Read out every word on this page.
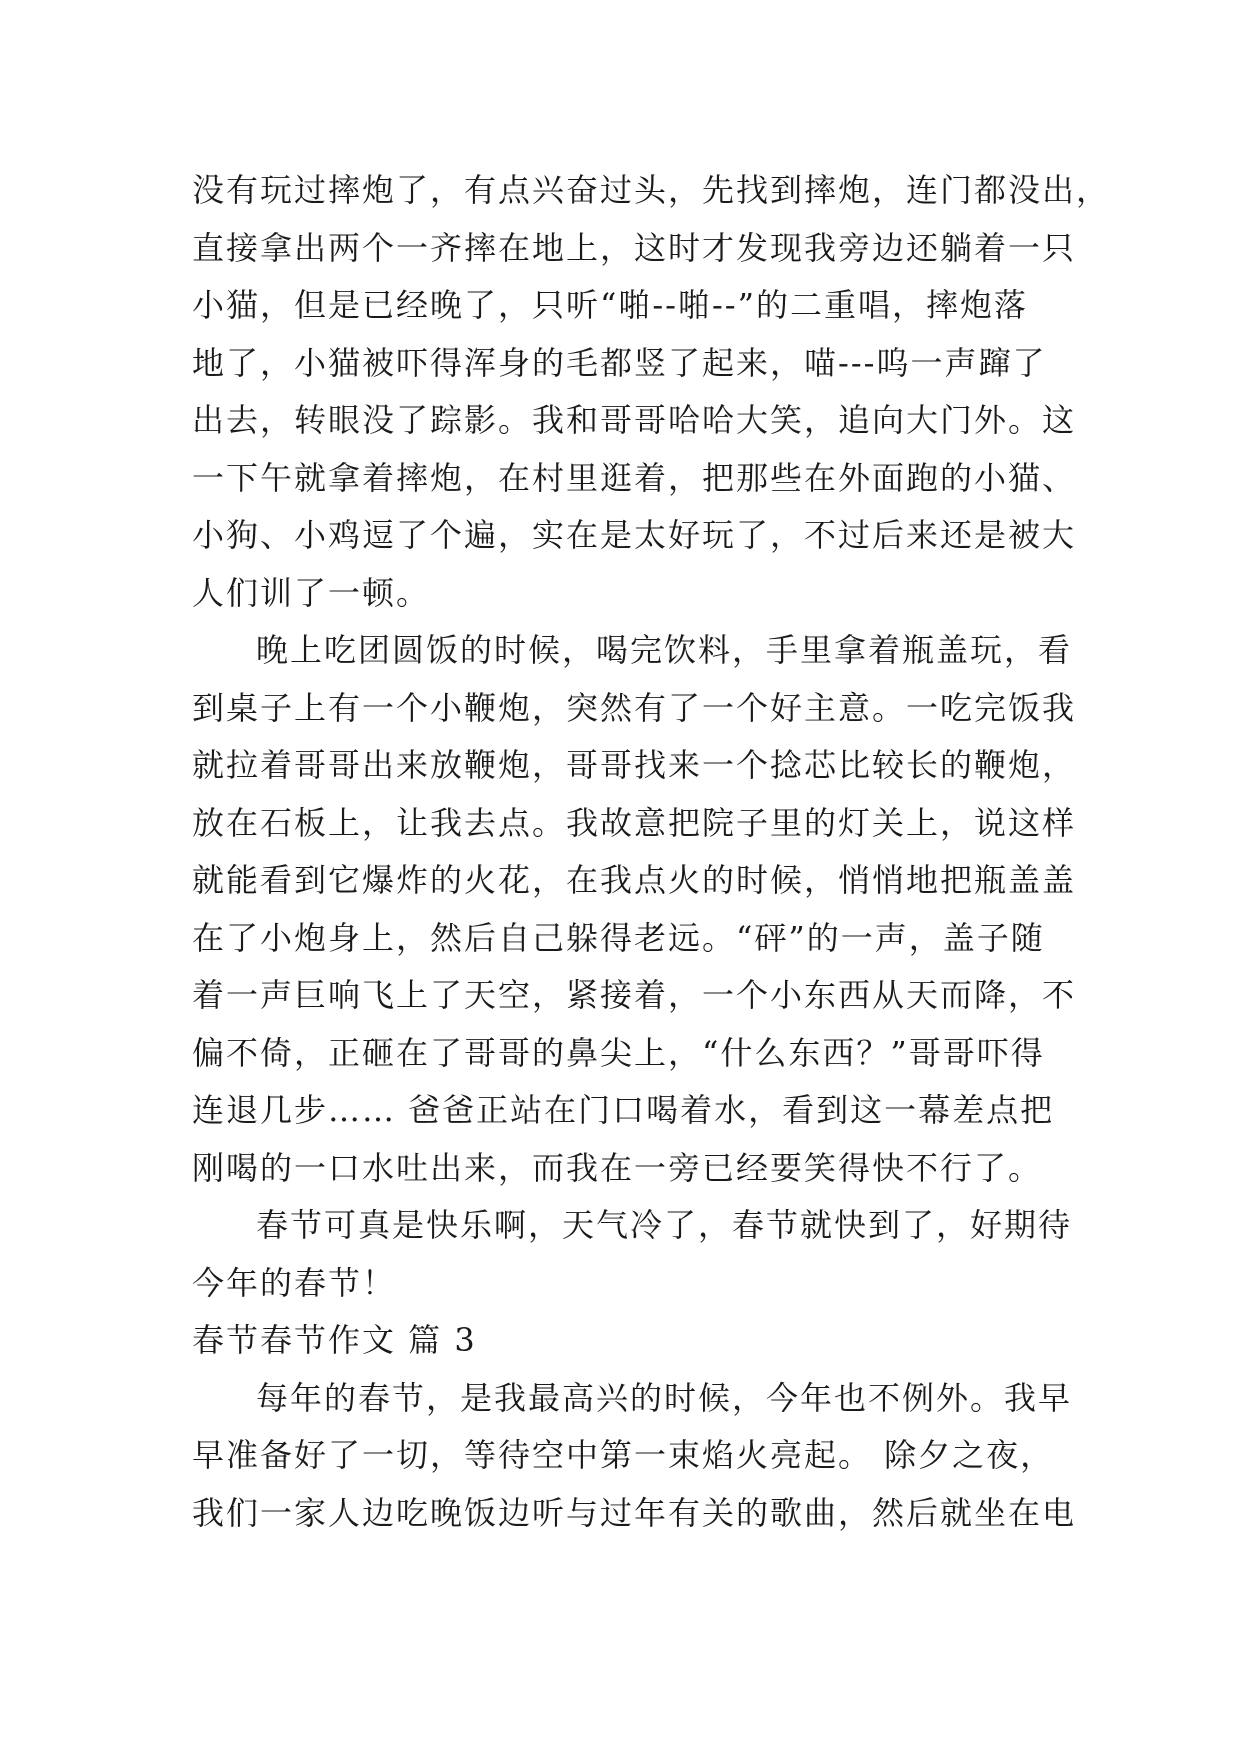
没有玩过摔炮了，有点兴奋过头，先找到摔炮，连门都没出，
直接拿出两个一齐摔在地上，这时才发现我旁边还躺着一只
小猫，但是已经晚了，只听“啪--啪--”的二重唱，摔炮落
地了，小猫被吓得浑身的毛都竖了起来，喵---呜一声蹿了
出去，转眼没了踪影。我和哥哥哈哈大笑，追向大门外。这
一下午就拿着摔炮，在村里逛着，把那些在外面跑的小猫、
小狗、小鸡逗了个遍，实在是太好玩了，不过后来还是被大
人们训了一顿。
晚上吃团圆饭的时候，喝完饮料，手里拿着瓶盖玩，看
到桌子上有一个小鞭炮，突然有了一个好主意。一吃完饭我
就拉着哥哥出来放鞭炮，哥哥找来一个捻芯比较长的鞭炮，
放在石板上，让我去点。我故意把院子里的灯关上，说这样
就能看到它爆炸的火花，在我点火的时候，悄悄地把瓶盖盖
在了小炮身上，然后自己躲得老远。“砰”的一声，盖子随
着一声巨响飞上了天空，紧接着，一个小东西从天而降，不
偏不倚，正砸在了哥哥的鼻尖上，“什么东西？”哥哥吓得
连退几步…… 爸爸正站在门口喝着水，看到这一幕差点把
刚喝的一口水吐出来，而我在一旁已经要笑得快不行了。
春节可真是快乐啊，天气冷了，春节就快到了，好期待
今年的春节！
春节春节作文 篇 3
每年的春节，是我最高兴的时候，今年也不例外。我早
早准备好了一切，等待空中第一束焰火亮起。 除夕之夜，
我们一家人边吃晚饭边听与过年有关的歌曲，然后就坐在电
